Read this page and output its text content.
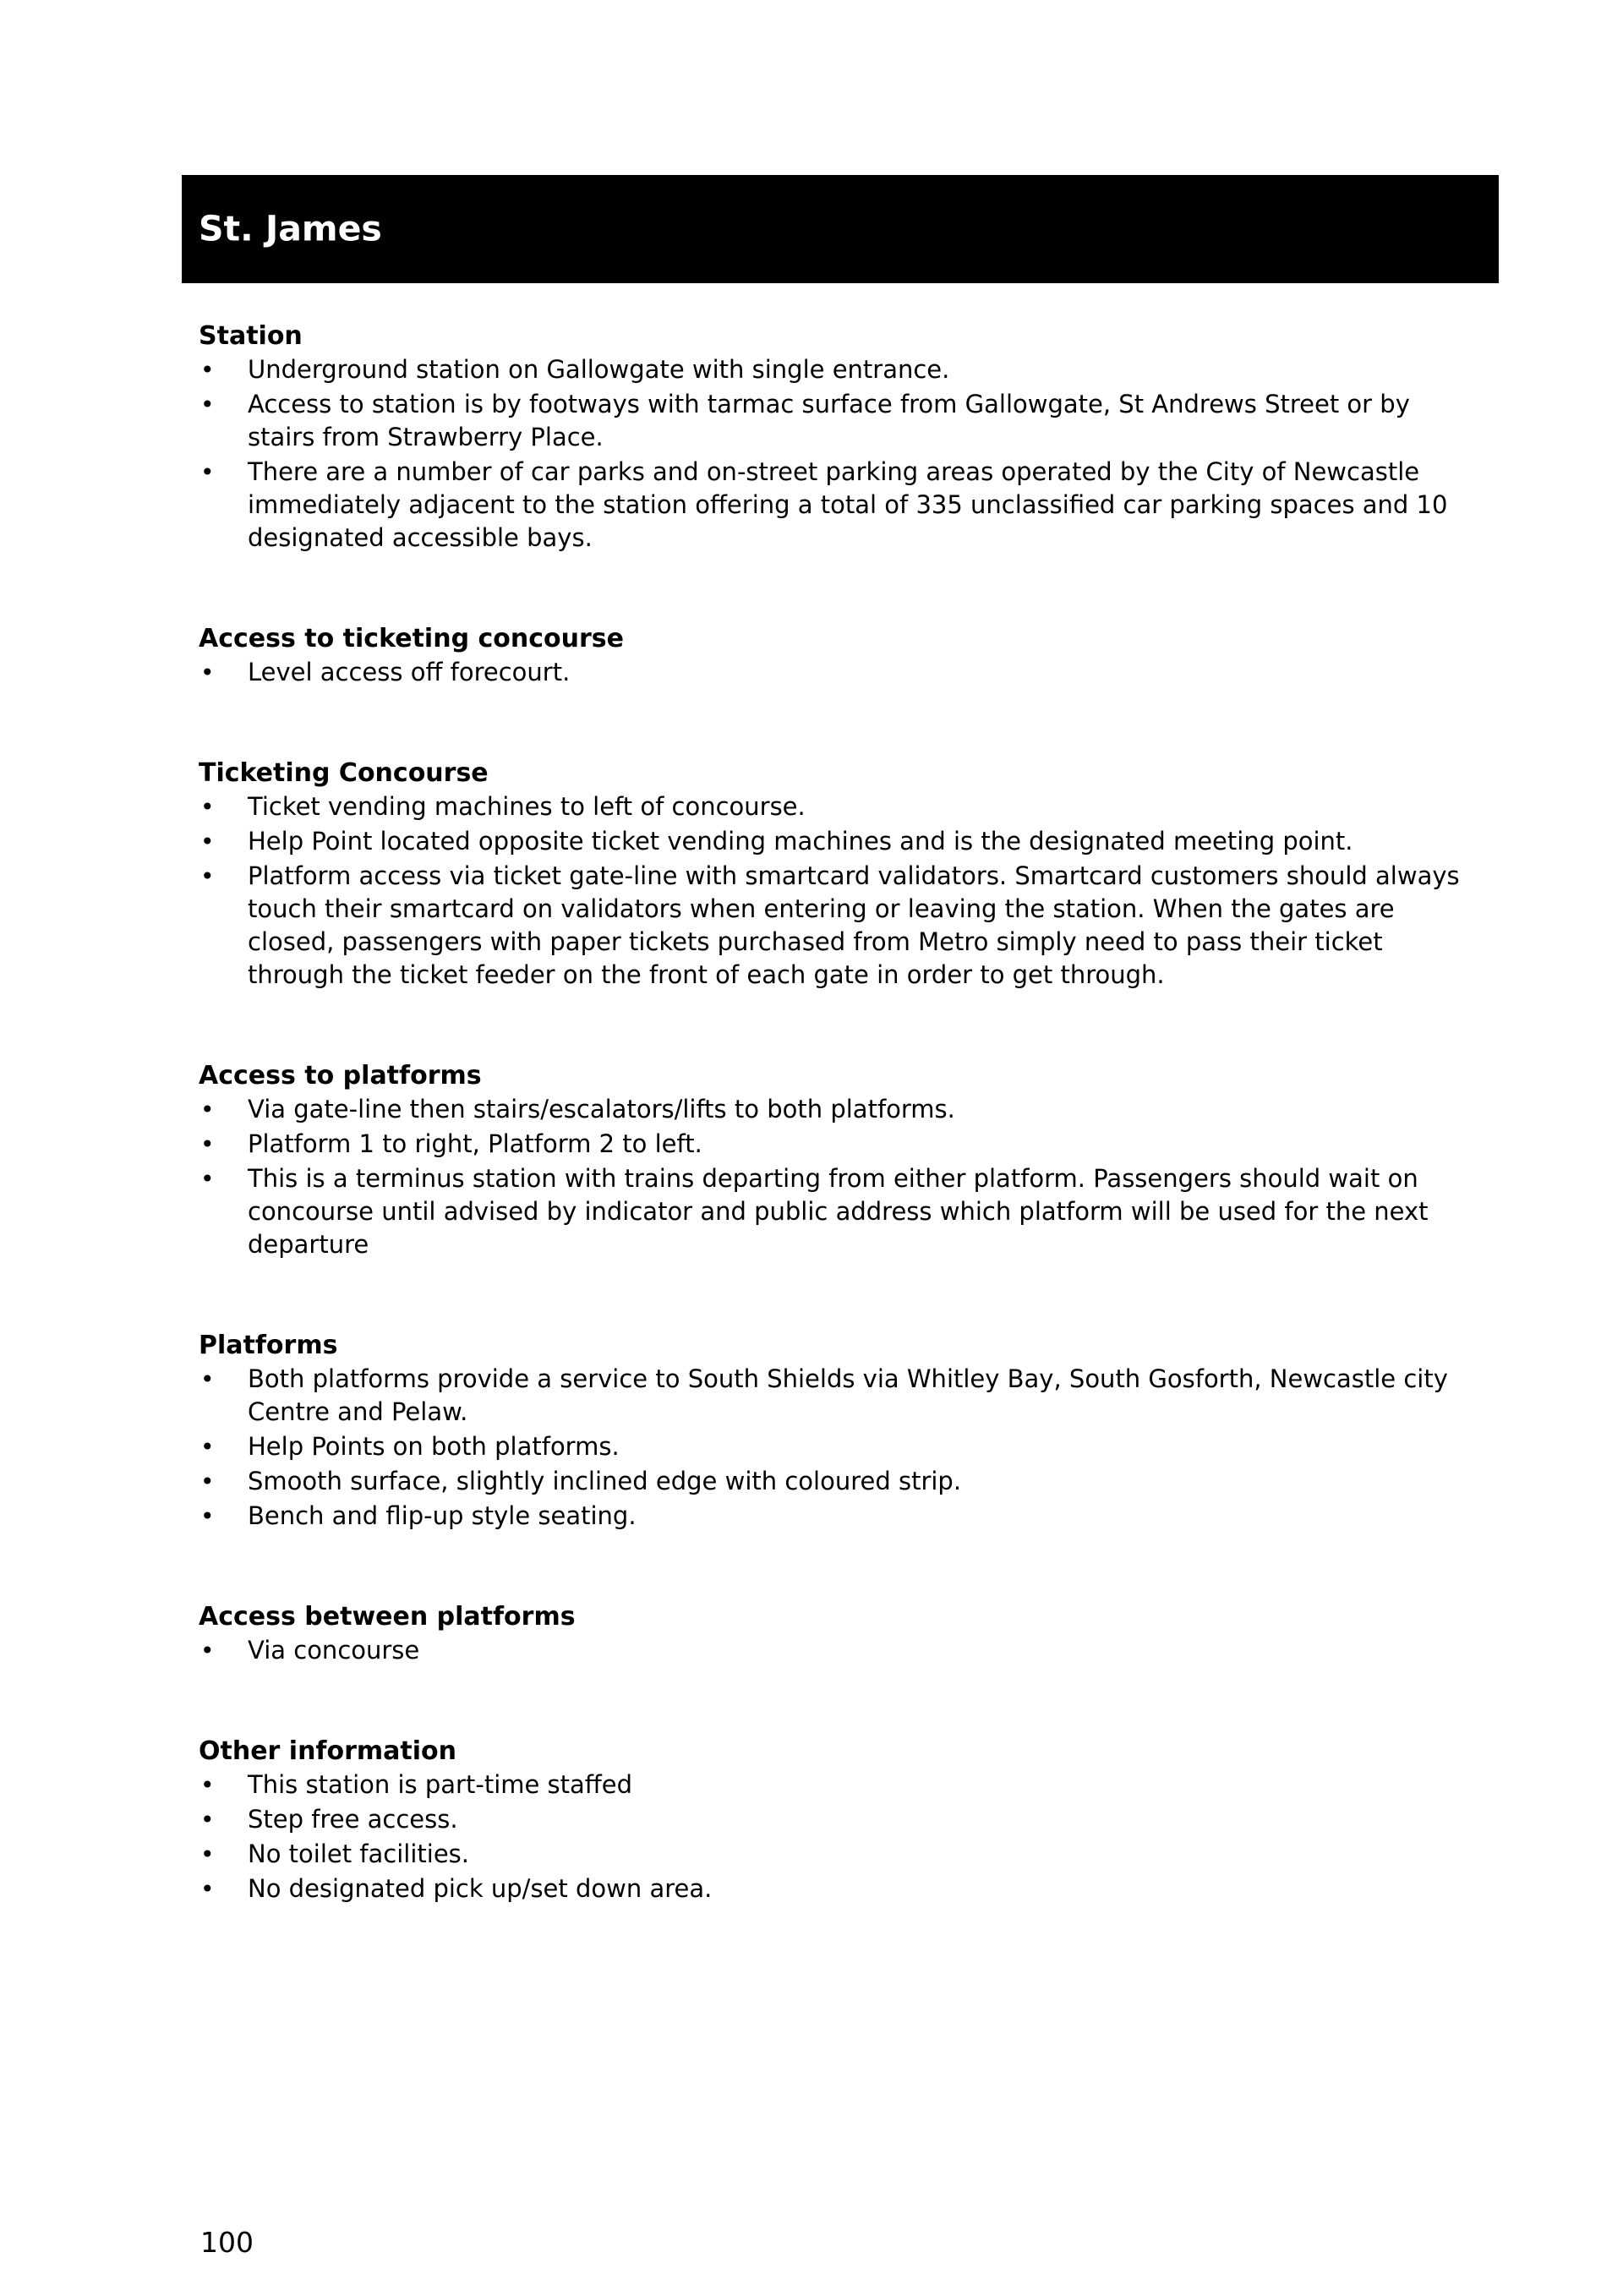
St. James
Station
• Underground station on Gallowgate with single entrance.
• Access to station is by footways with tarmac surface from Gallowgate, St Andrews Street or by stairs from Strawberry Place.
• There are a number of car parks and on-street parking areas operated by the City of Newcastle immediately adjacent to the station offering a total of 335 unclassified car parking spaces and 10 designated accessible bays.
Access to ticketing concourse
• Level access off forecourt.
Ticketing Concourse
• Ticket vending machines to left of concourse.
• Help Point located opposite ticket vending machines and is the designated meeting point.
• Platform access via ticket gate-line with smartcard validators. Smartcard customers should always touch their smartcard on validators when entering or leaving the station. When the gates are closed, passengers with paper tickets purchased from Metro simply need to pass their ticket through the ticket feeder on the front of each gate in order to get through.
Access to platforms
• Via gate-line then stairs/escalators/lifts to both platforms.
• Platform 1 to right, Platform 2 to left.
• This is a terminus station with trains departing from either platform. Passengers should wait on concourse until advised by indicator and public address which platform will be used for the next departure
Platforms
• Both platforms provide a service to South Shields via Whitley Bay, South Gosforth, Newcastle city Centre and Pelaw.
• Help Points on both platforms.
• Smooth surface, slightly inclined edge with coloured strip.
• Bench and flip-up style seating.
Access between platforms
• Via concourse
Other information
• This station is part-time staffed
• Step free access.
• No toilet facilities.
• No designated pick up/set down area.
100
